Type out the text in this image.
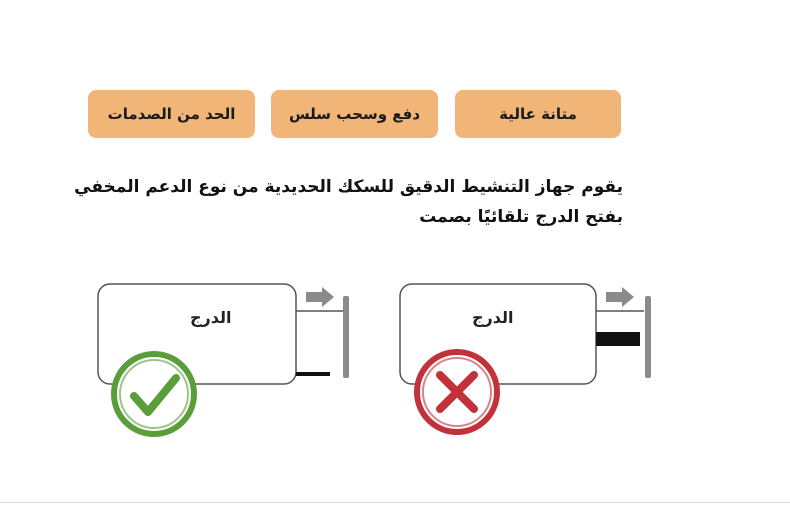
متانة عالية
دفع وسحب سلس
الحد من الصدمات
يقوم جهاز التنشيط الدقيق للسكك الحديدية من نوع الدعم المخفي
بفتح الدرج تلقائيًا بصمت
الدرج	الدرج
